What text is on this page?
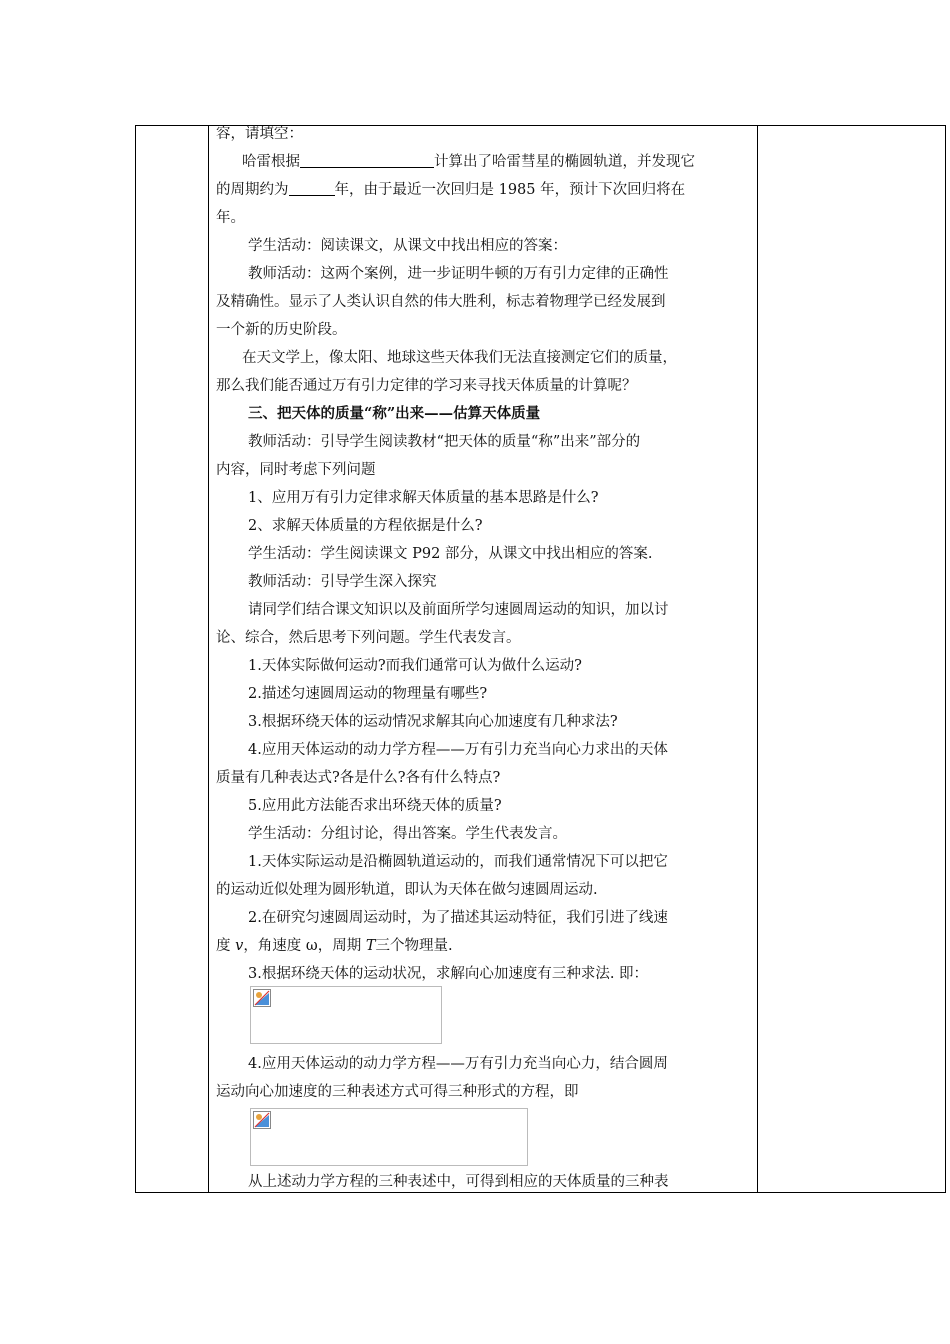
容，请填空：
哈雷根据	计算出了哈雷彗星的椭圆轨道，并发现它
的周期约为	年，由于最近一次回归是 1985 年，预计下次回归将在
年。
学生活动：阅读课文，从课文中找出相应的答案：
教师活动：这两个案例，进一步证明牛顿的万有引力定律的正确性
及精确性。显示了人类认识自然的伟大胜利，标志着物理学已经发展到
一个新的历史阶段。
在天文学上，像太阳、地球这些天体我们无法直接测定它们的质量，
那么我们能否通过万有引力定律的学习来寻找天体质量的计算呢？
三、把天体的质量“称”出来——估算天体质量
教师活动：引导学生阅读教材“把天体的质量“称”出来”部分的
内容，同时考虑下列问题
1、应用万有引力定律求解天体质量的基本思路是什么?
2、求解天体质量的方程依据是什么?
学生活动：学生阅读课文 P92 部分，从课文中找出相应的答案.
教师活动：引导学生深入探究
请同学们结合课文知识以及前面所学匀速圆周运动的知识，加以讨
论、综合，然后思考下列问题。学生代表发言。
1.天体实际做何运动?而我们通常可认为做什么运动?
2.描述匀速圆周运动的物理量有哪些?
3.根据环绕天体的运动情况求解其向心加速度有几种求法?
4.应用天体运动的动力学方程——万有引力充当向心力求出的天体
质量有几种表达式?各是什么?各有什么特点?
5.应用此方法能否求出环绕天体的质量?
学生活动：分组讨论，得出答案。学生代表发言。
1.天体实际运动是沿椭圆轨道运动的，而我们通常情况下可以把它
的运动近似处理为圆形轨道，即认为天体在做匀速圆周运动.
2.在研究匀速圆周运动时，为了描述其运动特征，我们引进了线速
度 v，角速度 ω，周期 T三个物理量.
3.根据环绕天体的运动状况，求解向心加速度有三种求法. 即：
4.应用天体运动的动力学方程——万有引力充当向心力，结合圆周
运动向心加速度的三种表述方式可得三种形式的方程，即
从上述动力学方程的三种表述中，可得到相应的天体质量的三种表
